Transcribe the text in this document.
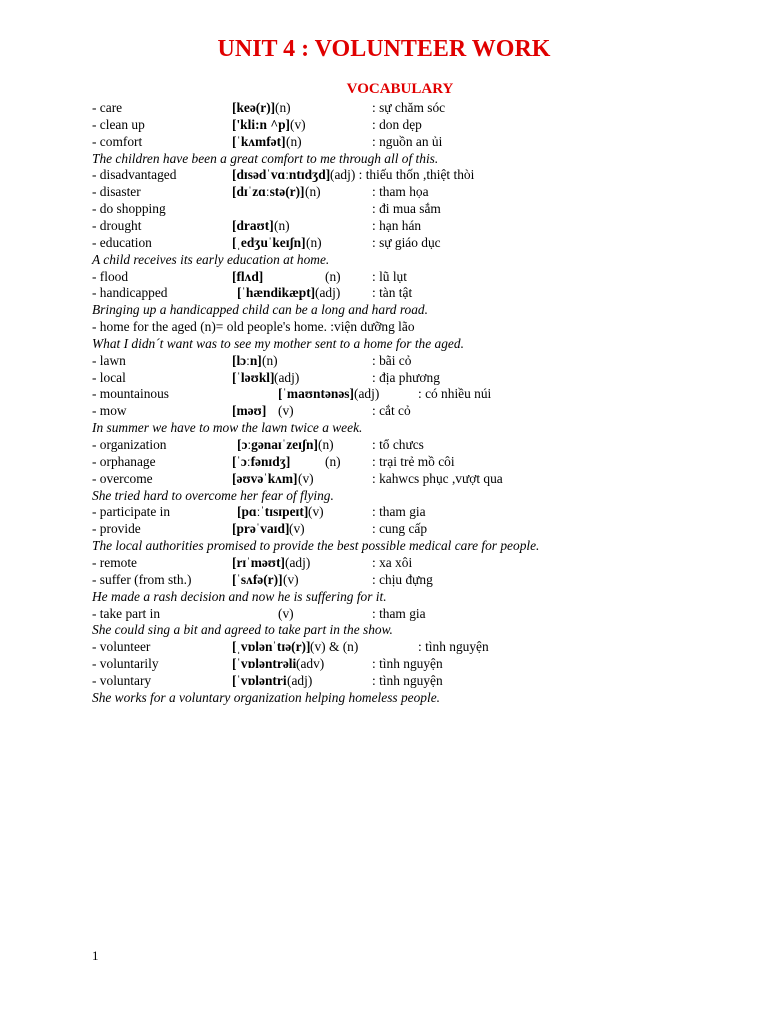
UNIT 4 : VOLUNTEER WORK
VOCABULARY
- care	[keə(r)] (n)	: sự chăm sóc
- clean up	['kli:n ^p] (v)	: don dẹp
- comfort	[ˈkʌmfət] (n)	: nguồn an ủi
The children have been a great comfort to me through all of this.
- disadvantaged	[dɪsədˈvɑːntɪdʒd] (adj) : thiếu thốn ,thiệt thòi
- disaster	[dɪˈzɑːstə(r)] (n)	: tham họa
- do shopping	: đi mua sắm
- drought	[draʊt] (n)	: hạn hán
- education	[ˌedʒuˈkeɪʃn] (n)	: sự giáo dục
A child receives its early education at home.
- flood	[flʌd]	(n) : lũ lụt
- handicapped	[ˈhændikæpt] (adj) : tàn tật
Bringing up a handicapped child can be a long and hard road.
- home for the aged (n)= old people's home. :viện dưỡng lão
What I didn´t want was to see my mother sent to a home for the aged.
- lawn	[lɔːn] (n)	: bãi cỏ
- local	[ˈləʊkl] (adj)	: địa phương
- mountainous	[ˈmaʊntənəs] (adj)	: có nhiều núi
- mow	[məʊ] (v)	: cắt cỏ
In summer we have to mow the lawn twice a week.
- organization	[ɔːgənaɪˈzeɪʃn] (n)	: tổ chưcs
- orphanage	[ˈɔːfənɪdʒ]	(n) : trại trẻ mồ côi
- overcome	[əʊvəˈkʌm] (v)	: kahwcs phục ,vượt qua
She tried hard to overcome her fear of flying.
- participate in	[pɑːˈtɪsɪpeɪt] (v)	: tham gia
- provide	[prəˈvaɪd] (v)	: cung cấp
The local authorities promised to provide the best possible medical care for people.
- remote	[rɪˈməʊt] (adj)	: xa xôi
- suffer (from sth.)	[ˈsʌfə(r)] (v)	: chịu đựng
He made a rash decision and now he is suffering for it.
- take part in	(v)	: tham gia
She could sing a bit and agreed to take part in the show.
- volunteer	[ˌvɒlənˈtɪə(r)] (v) & (n)	: tình nguyện
- voluntarily	[ˈvɒləntrəli (adv)	: tình nguyện
- voluntary	[ˈvɒləntri (adj)	: tình nguyện
She works for a voluntary organization helping homeless people.
1
